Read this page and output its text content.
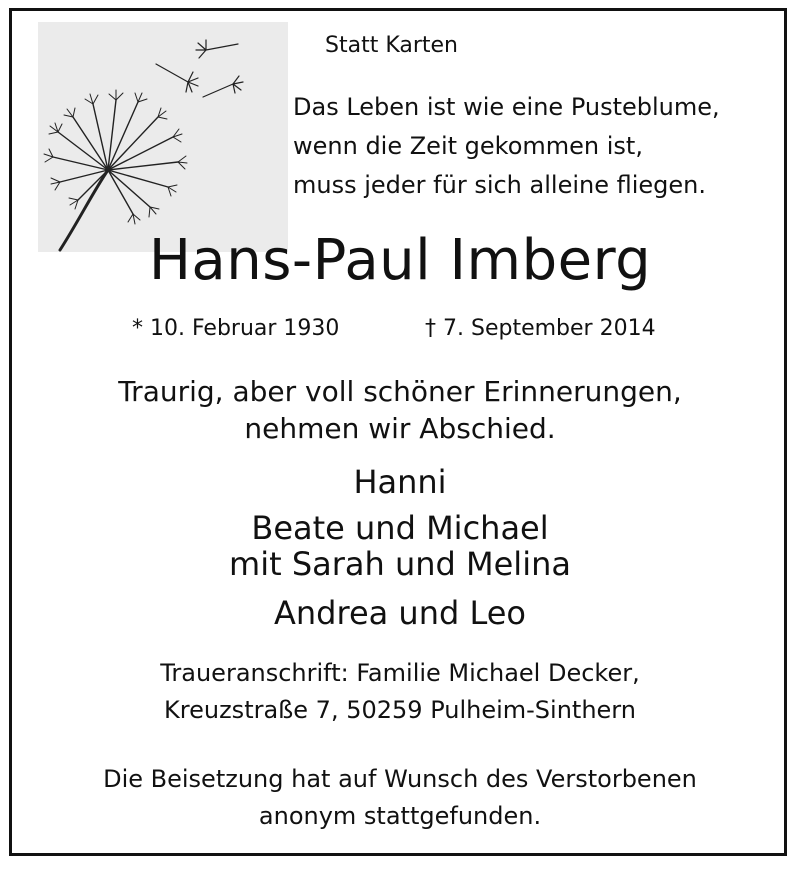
Statt Karten
Das Leben ist wie eine Pusteblume,
wenn die Zeit gekommen ist,
muss jeder für sich alleine fliegen.
Hans-Paul Imberg
* 10. Februar 1930	† 7. September 2014
Traurig, aber voll schöner Erinnerungen,
nehmen wir Abschied.
Hanni
Beate und Michael
mit Sarah und Melina
Andrea und Leo
Traueranschrift: Familie Michael Decker,
Kreuzstraße 7, 50259 Pulheim-Sinthern
Die Beisetzung hat auf Wunsch des Verstorbenen
anonym stattgefunden.
